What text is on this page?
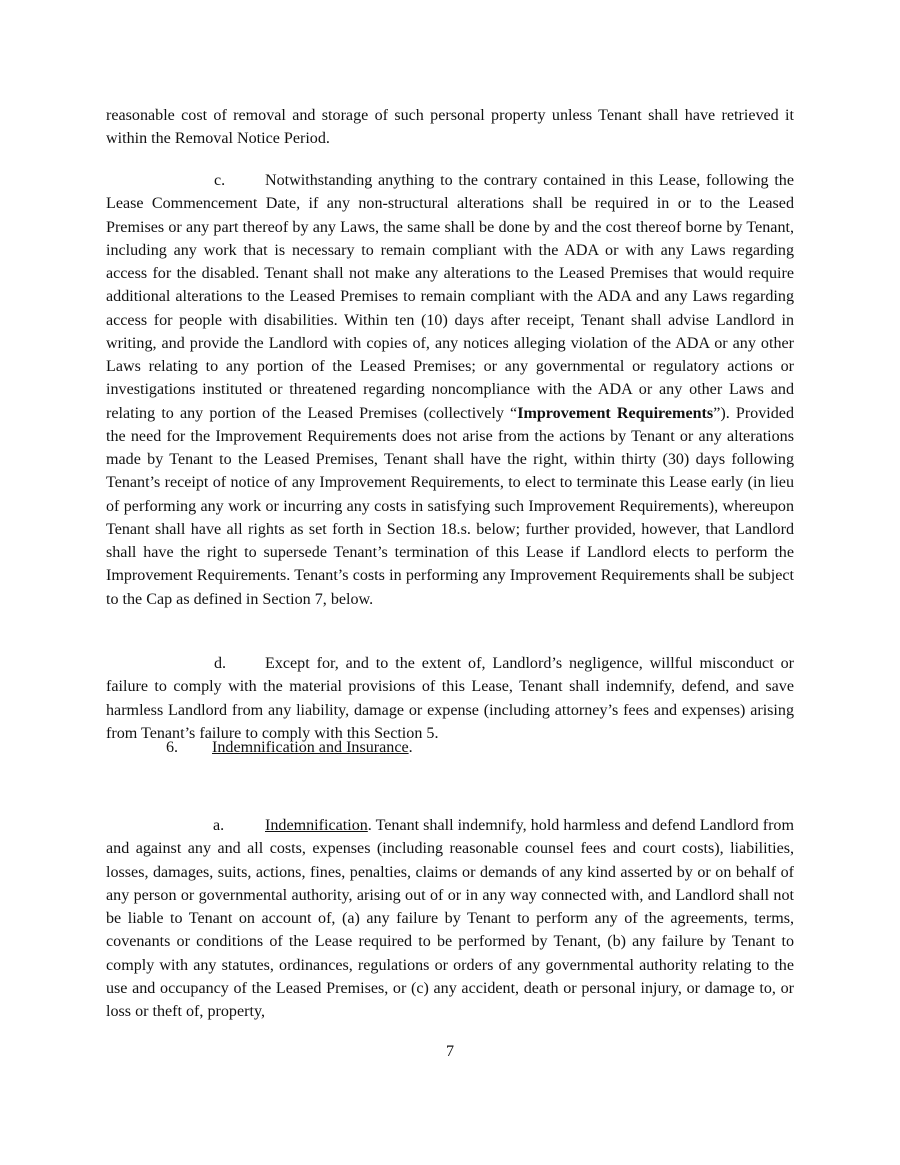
reasonable cost of removal and storage of such personal property unless Tenant shall have retrieved it within the Removal Notice Period.

c. Notwithstanding anything to the contrary contained in this Lease, following the Lease Commencement Date, if any non-structural alterations shall be required in or to the Leased Premises or any part thereof by any Laws, the same shall be done by and the cost thereof borne by Tenant, including any work that is necessary to remain compliant with the ADA or with any Laws regarding access for the disabled. Tenant shall not make any alterations to the Leased Premises that would require additional alterations to the Leased Premises to remain compliant with the ADA and any Laws regarding access for people with disabilities. Within ten (10) days after receipt, Tenant shall advise Landlord in writing, and provide the Landlord with copies of, any notices alleging violation of the ADA or any other Laws relating to any portion of the Leased Premises; or any governmental or regulatory actions or investigations instituted or threatened regarding noncompliance with the ADA or any other Laws and relating to any portion of the Leased Premises (collectively “Improvement Requirements”). Provided the need for the Improvement Requirements does not arise from the actions by Tenant or any alterations made by Tenant to the Leased Premises, Tenant shall have the right, within thirty (30) days following Tenant’s receipt of notice of any Improvement Requirements, to elect to terminate this Lease early (in lieu of performing any work or incurring any costs in satisfying such Improvement Requirements), whereupon Tenant shall have all rights as set forth in Section 18.s. below; further provided, however, that Landlord shall have the right to supersede Tenant’s termination of this Lease if Landlord elects to perform the Improvement Requirements. Tenant’s costs in performing any Improvement Requirements shall be subject to the Cap as defined in Section 7, below.

d. Except for, and to the extent of, Landlord’s negligence, willful misconduct or failure to comply with the material provisions of this Lease, Tenant shall indemnify, defend, and save harmless Landlord from any liability, damage or expense (including attorney’s fees and expenses) arising from Tenant’s failure to comply with this Section 5.

6. Indemnification and Insurance.

a.	Indemnification. Tenant shall indemnify, hold harmless and defend Landlord from and against any and all costs, expenses (including reasonable counsel fees and court costs), liabilities, losses, damages, suits, actions, fines, penalties, claims or demands of any kind asserted by or on behalf of any person or governmental authority, arising out of or in any way connected with, and Landlord shall not be liable to Tenant on account of, (a) any failure by Tenant to perform any of the agreements, terms, covenants or conditions of the Lease required to be performed by Tenant, (b) any failure by Tenant to comply with any statutes, ordinances, regulations or orders of any governmental authority relating to the use and occupancy of the Leased Premises, or (c) any accident, death or personal injury, or damage to, or loss or theft of, property,

7
